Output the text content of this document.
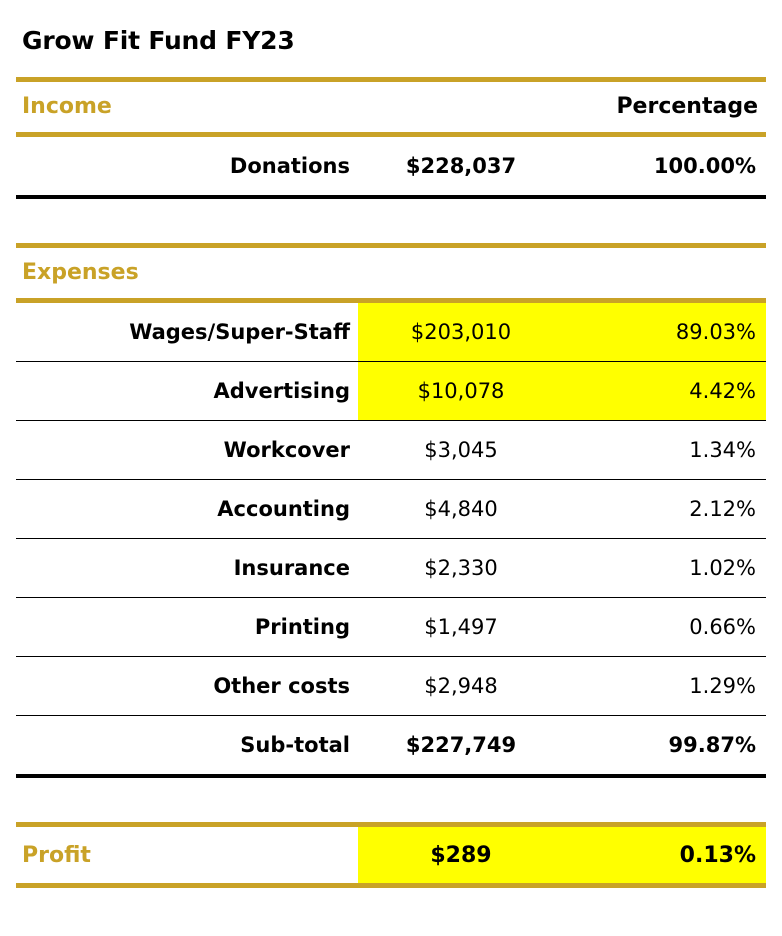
Grow Fit Fund FY23

Income		Percentage

Donations	$228,037	100.00%

Expenses		

Wages/Super-Staff	$203,010	89.03%

Advertising	$10,078	4.42%

Workcover	$3,045	1.34%

Accounting	$4,840	2.12%

Insurance	$2,330	1.02%

Printing	$1,497	0.66%

Other costs	$2,948	1.29%

Sub-total	$227,749	99.87%

Profit	$289	0.13%
